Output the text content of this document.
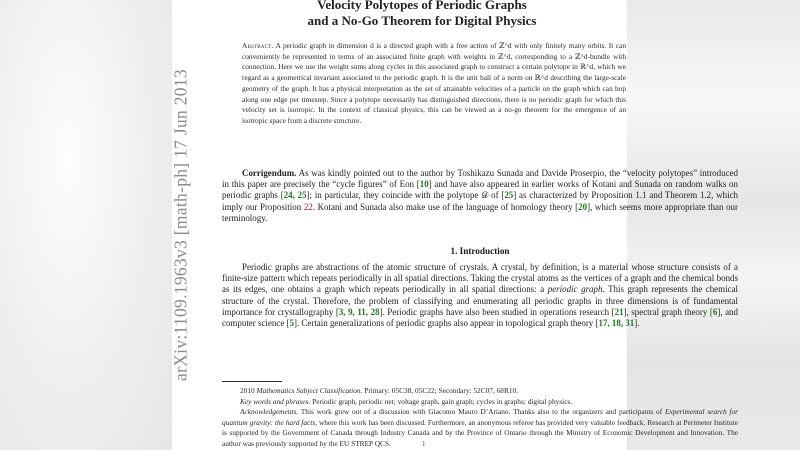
arXiv:1109.1963v3 [math-ph] 17 Jun 2013
Velocity Polytopes of Periodic Graphs
and a No-Go Theorem for Digital Physics
Abstract. A periodic graph in dimension d is a directed graph with a free action of ℤ^d with only finitely many orbits. It can conveniently be represented in terms of an associated finite graph with weights in ℤ^d, corresponding to a ℤ^d-bundle with connection. Here we use the weight sums along cycles in this associated graph to construct a certain polytope in ℝ^d, which we regard as a geometrical invariant associated to the periodic graph. It is the unit ball of a norm on ℝ^d describing the large-scale geometry of the graph. It has a physical interpretation as the set of attainable velocities of a particle on the graph which can hop along one edge per timestep. Since a polytope necessarily has distinguished directions, there is no periodic graph for which this velocity set is isotropic. In the context of classical physics, this can be viewed as a no-go theorem for the emergence of an isotropic space from a discrete structure.
Corrigendum. As was kindly pointed out to the author by Toshikazu Sunada and Davide Proserpio, the “velocity polytopes” introduced in this paper are precisely the “cycle figures” of Eon [10] and have also appeared in earlier works of Kotani and Sunada on random walks on periodic graphs [24, 25]; in particular, they coincide with the polytope 𝒟 of [25] as characterized by Proposition 1.1 and Theorem 1.2, which imply our Proposition 22. Kotani and Sunada also make use of the language of homology theory [20], which seems more appropriate than our terminology.
1. Introduction
Periodic graphs are abstractions of the atomic structure of crystals. A crystal, by definition, is a material whose structure consists of a finite-size pattern which repeats periodically in all spatial directions. Taking the crystal atoms as the vertices of a graph and the chemical bonds as its edges, one obtains a graph which repeats periodically in all spatial directions: a periodic graph. This graph represents the chemical structure of the crystal. Therefore, the problem of classifying and enumerating all periodic graphs in three dimensions is of fundamental importance for crystallography [3, 9, 11, 28]. Periodic graphs have also been studied in operations research [21], spectral graph theory [6], and computer science [5]. Certain generalizations of periodic graphs also appear in topological graph theory [17, 18, 31].
2010 Mathematics Subject Classification. Primary: 05C38, 05C22; Secondary: 52C07, 68R10.
Key words and phrases. Periodic graph, periodic net; voltage graph, gain graph; cycles in graphs; digital physics.
Acknowledgements. This work grew out of a discussion with Giacomo Mauro D’Ariano. Thanks also to the organizers and participants of Experimental search for quantum gravity: the hard facts, where this work has been discussed. Furthermore, an anonymous referee has provided very valuable feedback. Research at Perimeter Institute is supported by the Government of Canada through Industry Canada and by the Province of Ontario through the Ministry of Economic Development and Innovation. The author was previously supported by the EU STREP QCS.	1
